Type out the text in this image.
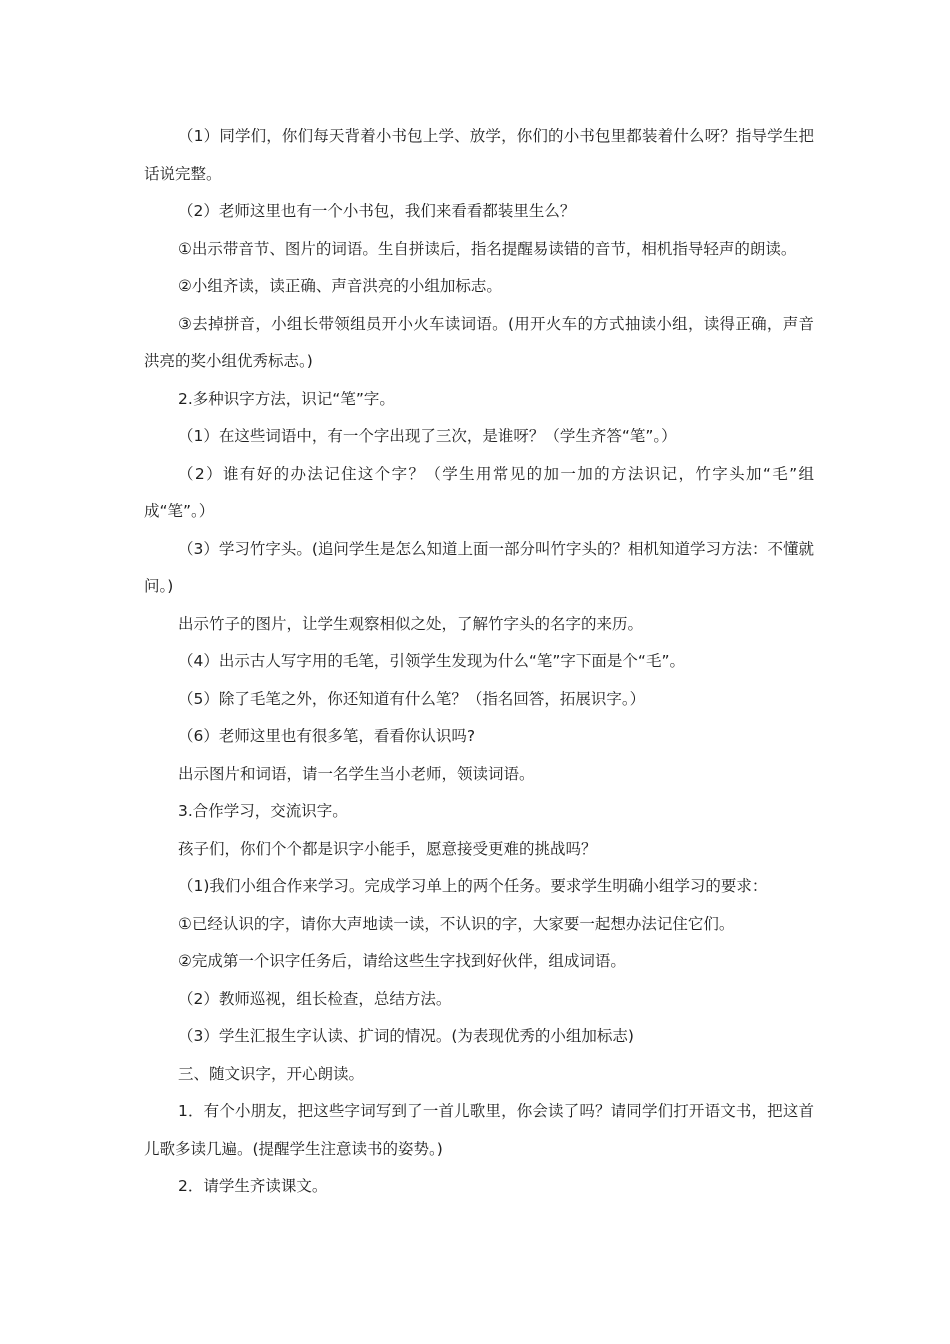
（1）同学们，你们每天背着小书包上学、放学，你们的小书包里都装着什么呀？指导学生把话说完整。

（2）老师这里也有一个小书包，我们来看看都装里生么？

①出示带音节、图片的词语。生自拼读后，指名提醒易读错的音节，相机指导轻声的朗读。

②小组齐读，读正确、声音洪亮的小组加标志。

③去掉拼音，小组长带领组员开小火车读词语。(用开火车的方式抽读小组，读得正确，声音洪亮的奖小组优秀标志。)

2.多种识字方法，识记“笔”字。

（1）在这些词语中，有一个字出现了三次，是谁呀？（学生齐答“笔”。）

（2）谁有好的办法记住这个字？（学生用常见的加一加的方法识记，竹字头加“毛”组成“笔”。）

（3）学习竹字头。(追问学生是怎么知道上面一部分叫竹字头的？相机知道学习方法：不懂就问。)

出示竹子的图片，让学生观察相似之处，了解竹字头的名字的来历。

（4）出示古人写字用的毛笔，引领学生发现为什么“笔”字下面是个“毛”。

（5）除了毛笔之外，你还知道有什么笔？（指名回答，拓展识字。）

（6）老师这里也有很多笔，看看你认识吗?

出示图片和词语，请一名学生当小老师，领读词语。

3.合作学习，交流识字。

孩子们，你们个个都是识字小能手，愿意接受更难的挑战吗？

（1)我们小组合作来学习。完成学习单上的两个任务。要求学生明确小组学习的要求：

①已经认识的字，请你大声地读一读，不认识的字，大家要一起想办法记住它们。

②完成第一个识字任务后，请给这些生字找到好伙伴，组成词语。

（2）教师巡视，组长检查，总结方法。

（3）学生汇报生字认读、扩词的情况。(为表现优秀的小组加标志)

三、随文识字，开心朗读。

1．有个小朋友，把这些字词写到了一首儿歌里，你会读了吗？请同学们打开语文书，把这首儿歌多读几遍。(提醒学生注意读书的姿势。)

2．请学生齐读课文。
